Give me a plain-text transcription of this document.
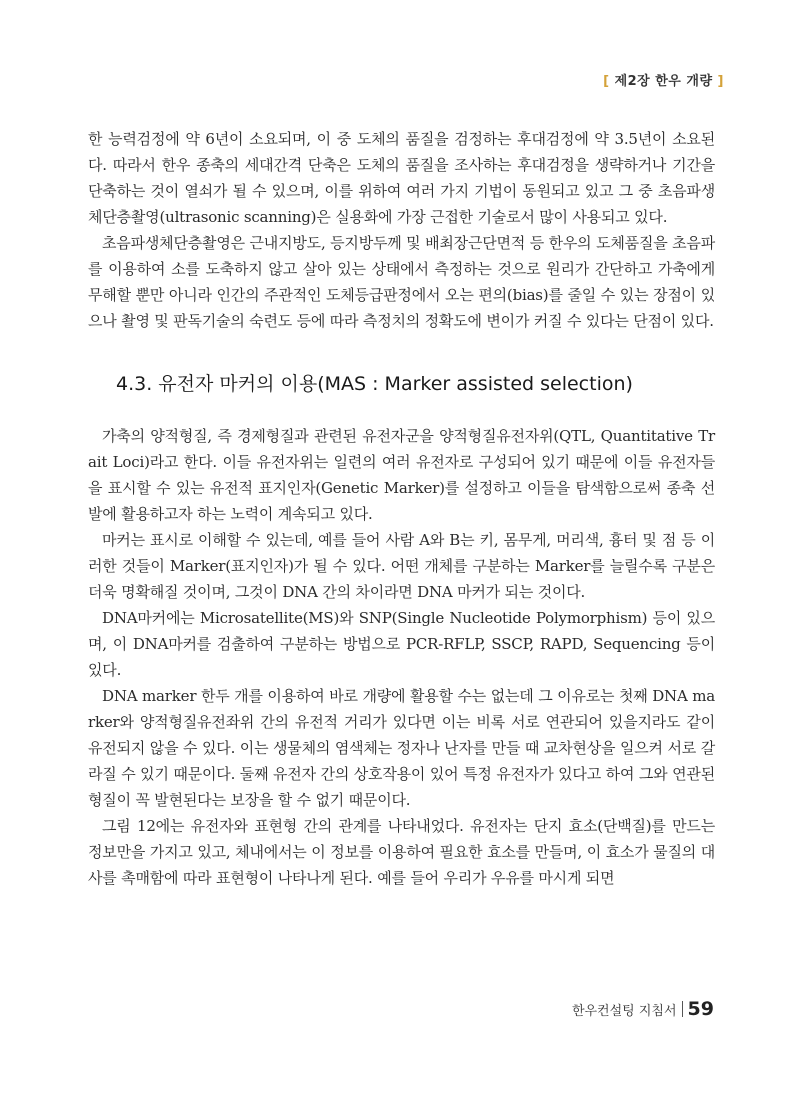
[ 제2장 한우 개량 ]

한 능력검정에 약 6년이 소요되며, 이 중 도체의 품질을 검정하는 후대검정에 약 3.5년이 소요된다. 따라서 한우 종축의 세대간격 단축은 도체의 품질을 조사하는 후대검정을 생략하거나 기간을 단축하는 것이 열쇠가 될 수 있으며, 이를 위하여 여러 가지 기법이 동원되고 있고 그 중 초음파생체단층촬영(ultrasonic scanning)은 실용화에 가장 근접한 기술로서 많이 사용되고 있다.

초음파생체단층촬영은 근내지방도, 등지방두께 및 배최장근단면적 등 한우의 도체품질을 초음파를 이용하여 소를 도축하지 않고 살아 있는 상태에서 측정하는 것으로 원리가 간단하고 가축에게 무해할 뿐만 아니라 인간의 주관적인 도체등급판정에서 오는 편의(bias)를 줄일 수 있는 장점이 있으나 촬영 및 판독기술의 숙련도 등에 따라 측정치의 정확도에 변이가 커질 수 있다는 단점이 있다.

4.3. 유전자 마커의 이용(MAS : Marker assisted selection)

가축의 양적형질, 즉 경제형질과 관련된 유전자군을 양적형질유전자위(QTL, Quantitative Trait Loci)라고 한다. 이들 유전자위는 일련의 여러 유전자로 구성되어 있기 때문에 이들 유전자들을 표시할 수 있는 유전적 표지인자(Genetic Marker)를 설정하고 이들을 탐색함으로써 종축 선발에 활용하고자 하는 노력이 계속되고 있다.

마커는 표시로 이해할 수 있는데, 예를 들어 사람 A와 B는 키, 몸무게, 머리색, 흉터 및 점 등 이러한 것들이 Marker(표지인자)가 될 수 있다. 어떤 개체를 구분하는 Marker를 늘릴수록 구분은 더욱 명확해질 것이며, 그것이 DNA 간의 차이라면 DNA 마커가 되는 것이다.

DNA마커에는 Microsatellite(MS)와 SNP(Single Nucleotide Polymorphism) 등이 있으며, 이 DNA마커를 검출하여 구분하는 방법으로 PCR-RFLP, SSCP, RAPD, Sequencing 등이 있다.

DNA marker 한두 개를 이용하여 바로 개량에 활용할 수는 없는데 그 이유로는 첫째 DNA marker와 양적형질유전좌위 간의 유전적 거리가 있다면 이는 비록 서로 연관되어 있을지라도 같이 유전되지 않을 수 있다. 이는 생물체의 염색체는 정자나 난자를 만들 때 교차현상을 일으켜 서로 갈라질 수 있기 때문이다. 둘째 유전자 간의 상호작용이 있어 특정 유전자가 있다고 하여 그와 연관된 형질이 꼭 발현된다는 보장을 할 수 없기 때문이다.

그림 12에는 유전자와 표현형 간의 관계를 나타내었다. 유전자는 단지 효소(단백질)를 만드는 정보만을 가지고 있고, 체내에서는 이 정보를 이용하여 필요한 효소를 만들며, 이 효소가 물질의 대사를 촉매함에 따라 표현형이 나타나게 된다. 예를 들어 우리가 우유를 마시게 되면

한우컨설팅 지침서 59
